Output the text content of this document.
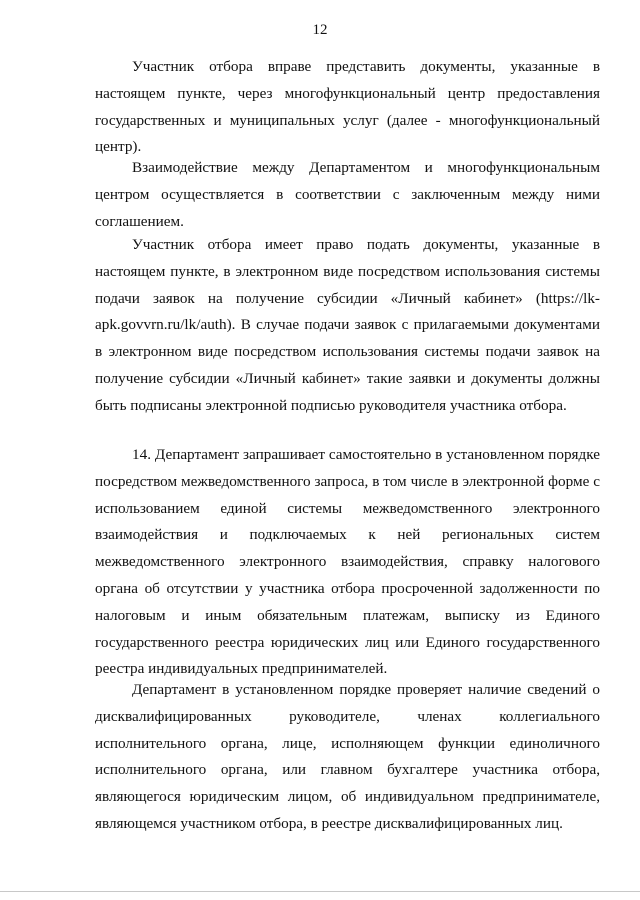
12

Участник отбора вправе представить документы, указанные в настоящем пункте, через многофункциональный центр предоставления государственных и муниципальных услуг (далее - многофункциональный центр).

Взаимодействие между Департаментом и многофункциональным центром осуществляется в соответствии с заключенным между ними соглашением.

Участник отбора имеет право подать документы, указанные в настоящем пункте, в электронном виде посредством использования системы подачи заявок на получение субсидии «Личный кабинет» (https://lk-apk.govvrn.ru/lk/auth). В случае подачи заявок с прилагаемыми документами в электронном виде посредством использования системы подачи заявок на получение субсидии «Личный кабинет» такие заявки и документы должны быть подписаны электронной подписью руководителя участника отбора.

14. Департамент запрашивает самостоятельно в установленном порядке посредством межведомственного запроса, в том числе в электронной форме с использованием единой системы межведомственного электронного взаимодействия и подключаемых к ней региональных систем межведомственного электронного взаимодействия, справку налогового органа об отсутствии у участника отбора просроченной задолженности по налоговым и иным обязательным платежам, выписку из Единого государственного реестра юридических лиц или Единого государственного реестра индивидуальных предпринимателей.

Департамент в установленном порядке проверяет наличие сведений о дисквалифицированных руководителе, членах коллегиального исполнительного органа, лице, исполняющем функции единоличного исполнительного органа, или главном бухгалтере участника отбора, являющегося юридическим лицом, об индивидуальном предпринимателе, являющемся участником отбора, в реестре дисквалифицированных лиц.
